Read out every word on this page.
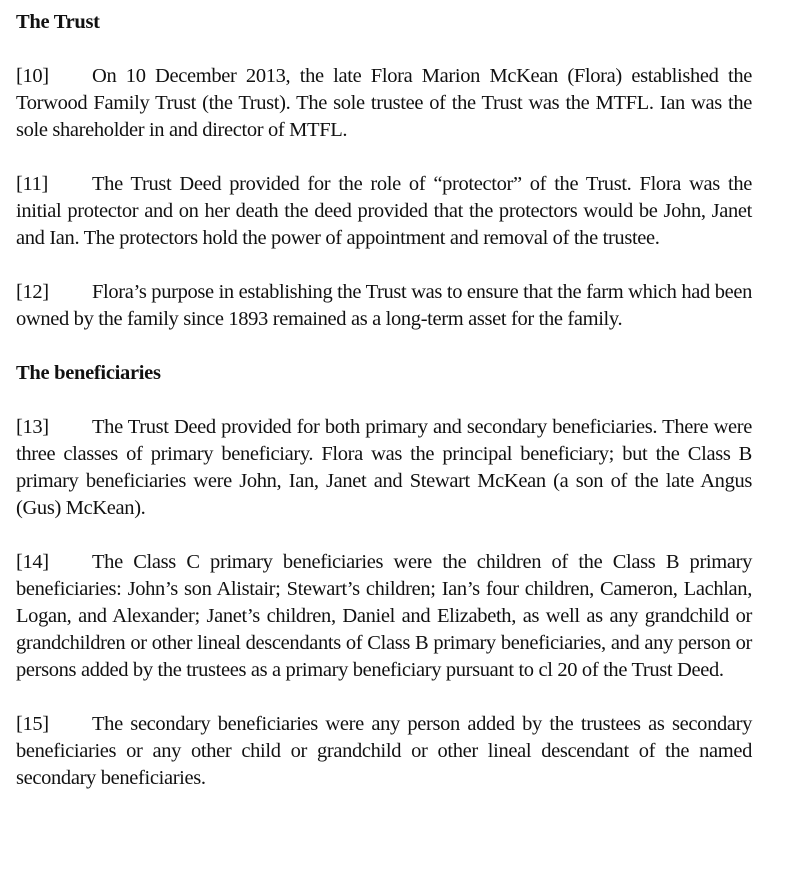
The Trust

[10] On 10 December 2013, the late Flora Marion McKean (Flora) established the Torwood Family Trust (the Trust). The sole trustee of the Trust was the MTFL. Ian was the sole shareholder in and director of MTFL.

[11] The Trust Deed provided for the role of “protector” of the Trust. Flora was the initial protector and on her death the deed provided that the protectors would be John, Janet and Ian. The protectors hold the power of appointment and removal of the trustee.

[12] Flora’s purpose in establishing the Trust was to ensure that the farm which had been owned by the family since 1893 remained as a long-term asset for the family.

The beneficiaries

[13] The Trust Deed provided for both primary and secondary beneficiaries. There were three classes of primary beneficiary. Flora was the principal beneficiary; but the Class B primary beneficiaries were John, Ian, Janet and Stewart McKean (a son of the late Angus (Gus) McKean).

[14] The Class C primary beneficiaries were the children of the Class B primary beneficiaries: John’s son Alistair; Stewart’s children; Ian’s four children, Cameron, Lachlan, Logan, and Alexander; Janet’s children, Daniel and Elizabeth, as well as any grandchild or grandchildren or other lineal descendants of Class B primary beneficiaries, and any person or persons added by the trustees as a primary beneficiary pursuant to cl 20 of the Trust Deed.

[15] The secondary beneficiaries were any person added by the trustees as secondary beneficiaries or any other child or grandchild or other lineal descendant of the named secondary beneficiaries.
